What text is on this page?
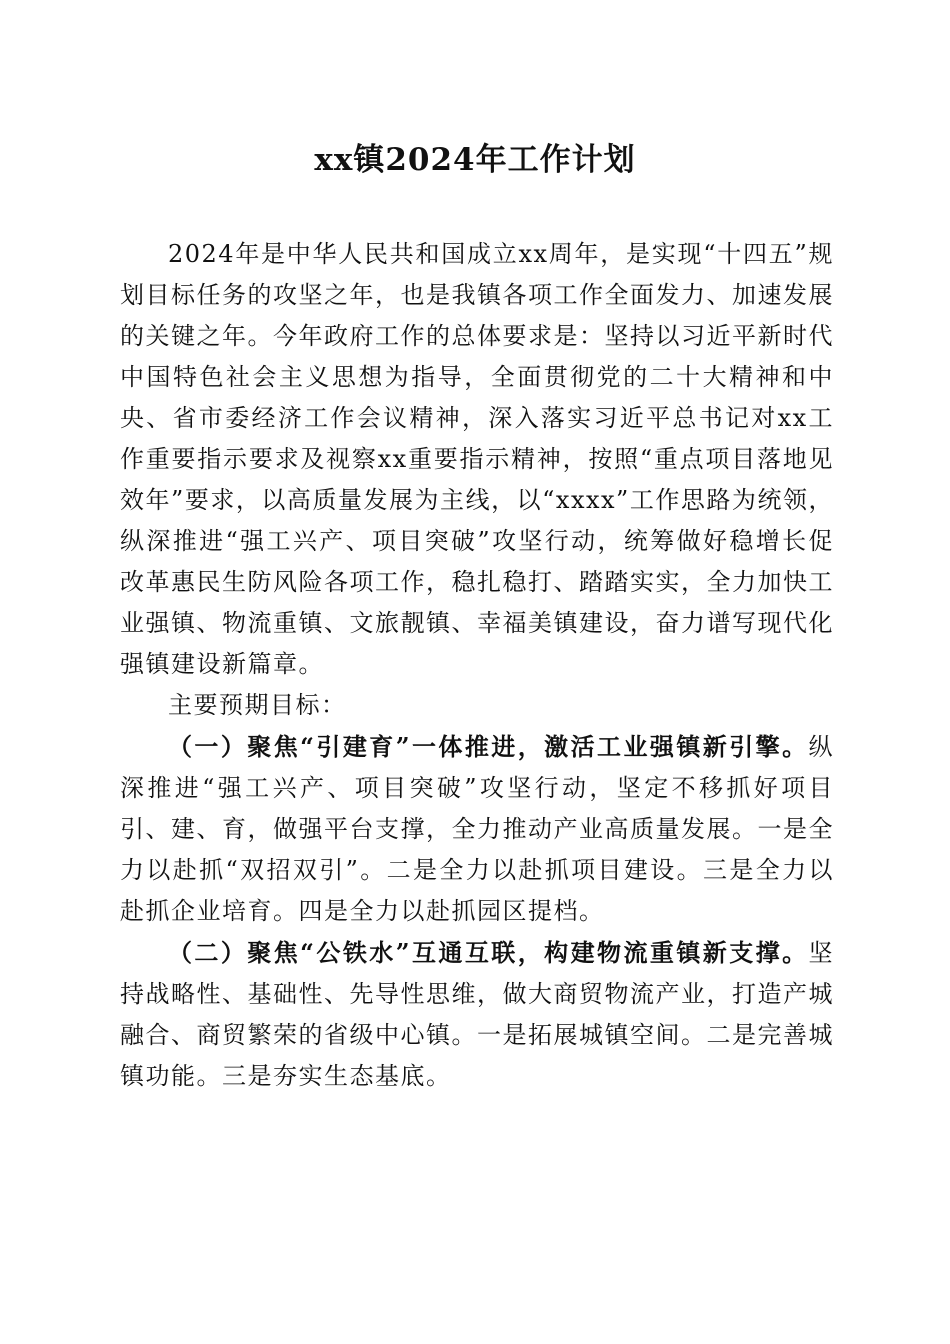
xx镇2024年工作计划

2024年是中华人民共和国成立xx周年，是实现“十四五”规划目标任务的攻坚之年，也是我镇各项工作全面发力、加速发展的关键之年。今年政府工作的总体要求是：坚持以习近平新时代中国特色社会主义思想为指导，全面贯彻党的二十大精神和中央、省市委经济工作会议精神，深入落实习近平总书记对xx工作重要指示要求及视察xx重要指示精神，按照“重点项目落地见效年”要求，以高质量发展为主线，以“xxxx”工作思路为统领，纵深推进“强工兴产、项目突破”攻坚行动，统筹做好稳增长促改革惠民生防风险各项工作，稳扎稳打、踏踏实实，全力加快工业强镇、物流重镇、文旅靓镇、幸福美镇建设，奋力谱写现代化强镇建设新篇章。

主要预期目标：

（一）聚焦“引建育”一体推进，激活工业强镇新引擎。纵深推进“强工兴产、项目突破”攻坚行动，坚定不移抓好项目引、建、育，做强平台支撑，全力推动产业高质量发展。一是全力以赴抓“双招双引”。二是全力以赴抓项目建设。三是全力以赴抓企业培育。四是全力以赴抓园区提档。

（二）聚焦“公铁水”互通互联，构建物流重镇新支撑。坚持战略性、基础性、先导性思维，做大商贸物流产业，打造产城融合、商贸繁荣的省级中心镇。一是拓展城镇空间。二是完善城镇功能。三是夯实生态基底。
